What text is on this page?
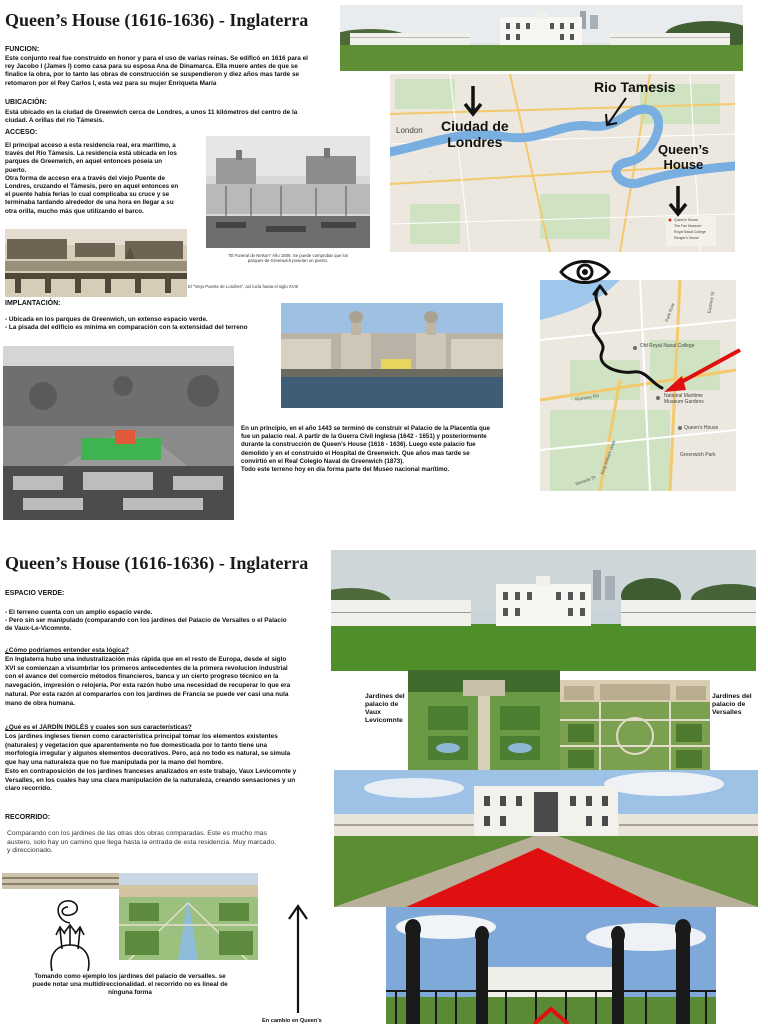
Queen’s House (1616-1636) - Inglaterra
FUNCION:
Este conjunto real fue construido en honor y para el uso de varias reinas. Se edificó en 1616 para el
rey Jacobo I (James I) como casa para su esposa Ana de Dinamarca. Ella muere antes de que se
finalice la obra, por lo tanto las obras de construcción se suspendieron y diez años mas tarde se
retomaron por el Rey Carlos I, esta vez para su mujer Enriqueta María
UBICACIÓN:
Está ubicado en la ciudad de Greenwich cerca de Londres, a unos 11 kilómetros del centro de la
ciudad. A orillas del río Támesis.
ACCESO:
El principal acceso a esta residencia real, era marítimo, a
través del Río Támesis. La residencia está ubicada en los
parques de Greenwich, en aquel entonces poseía un
puerto.
Otra forma de acceso era a través del viejo Puente de
Londres, cruzando el Támesis, pero en aquel entonces en
el puente había ferias lo cual complicaba su cruce y se
terminaba tardando alrededor de una hora en llegar a su
otra orilla, mucho más que utilizando el barco.
"El Funeral de Nelson" Año 1806. Se puede comprobar que los
parques de Greenwich poseían un puerto.
El "Viejo Puente de Londres", así lucía hasta el siglo XVIII
·
·	Queen's House
The Fan Museum
Royal Naval College
Ranger's House
London
Rio Tamesis
Ciudad de
Londres	Queen’s
House
IMPLANTACIÓN:
- Ubicada en los parques de Greenwich, un extenso espacio verde.
- La pisada del edificio es mínima en comparación con la extensidad del terreno
En un principio, en el año 1443 se terminó de construir el Palacio de la Placentia que
fue un palacio real. A partir de la Guerra Civil Inglesa (1642 - 1651) y posteriormente
durante la construcción de Queen’s House (1616 - 1636). Luego este palacio fue
demolido y en el construido el Hospital de Greenwich. Que años mas tarde se
convirtió en el Real Colegio Naval de Greenwich (1873).
Todo este terreno hoy en día forma parte del Museo nacional marítimo.
Old Royal Naval College
National Maritime Museum Gardens
Queen's House
Greenwich Park
Park Row
Romney Rd
King William Walk
Nevada St
Eastney St
Queen’s House (1616-1636) - Inglaterra
ESPACIO VERDE:
- El terreno cuenta con un amplio espacio verde.
- Pero sin ser manipulado (comparando con los jardines del Palacio de Versalles o el Palacio
de Vaux-Le-Vicomnte.
¿Cómo podríamos entender esta lógica?
En Inglaterra hubo una industralización más rápida que en el resto de Europa, desde el siglo
XVI se comienzan a visumbrlar los primeros antecedentes de la primera revolucion industrial
con el avance del comercio métodos financieros, banca y un cierto progreso técnico en la
navegación, impresión o relojería. Por esta razón hubo una necesidad de recuperar lo que era
natural. Por esta razón al compararlos con los jardines de Francia se puede ver casi una nula
mano de obra humana.
¿Qué es el JARDÍN INGLÉS y cuales son sus características?
Los jardines ingleses tienen como característica principal tomar los elementos existentes
(naturales) y vegetación que aparentemente no fue domesticada por lo tanto tiene una
morfología irregular y algunos elementos decorativos. Pero, acá no todo es natural, se simula
que hay una naturaleza que no fue manipulada por la mano del hombre.
Esto en contraposición de los jardines franceses analizados en este trabajo, Vaux Levicomnte y
Versalles, en los cuales hay una clara manipulación de la naturaleza, creando sensaciones y un
claro recorrido.
RECORRIDO:
Comparando con los jardines de las otras dos obras comparadas. Este es mucho mas
austero, solo hay un camino que llega hasta la entrada de esta residencia. Muy marcado,
y direccionado.
Jardines del
palacio de
Vaux
Levicomnte
Jardines del
palacio de
Versalles
Tomando como ejemplo los jardines del palacio de versalles. se
puede notar una multidireccionalidad. el recorrido no es lineal de
ninguna forma
En cambio en Queen's
